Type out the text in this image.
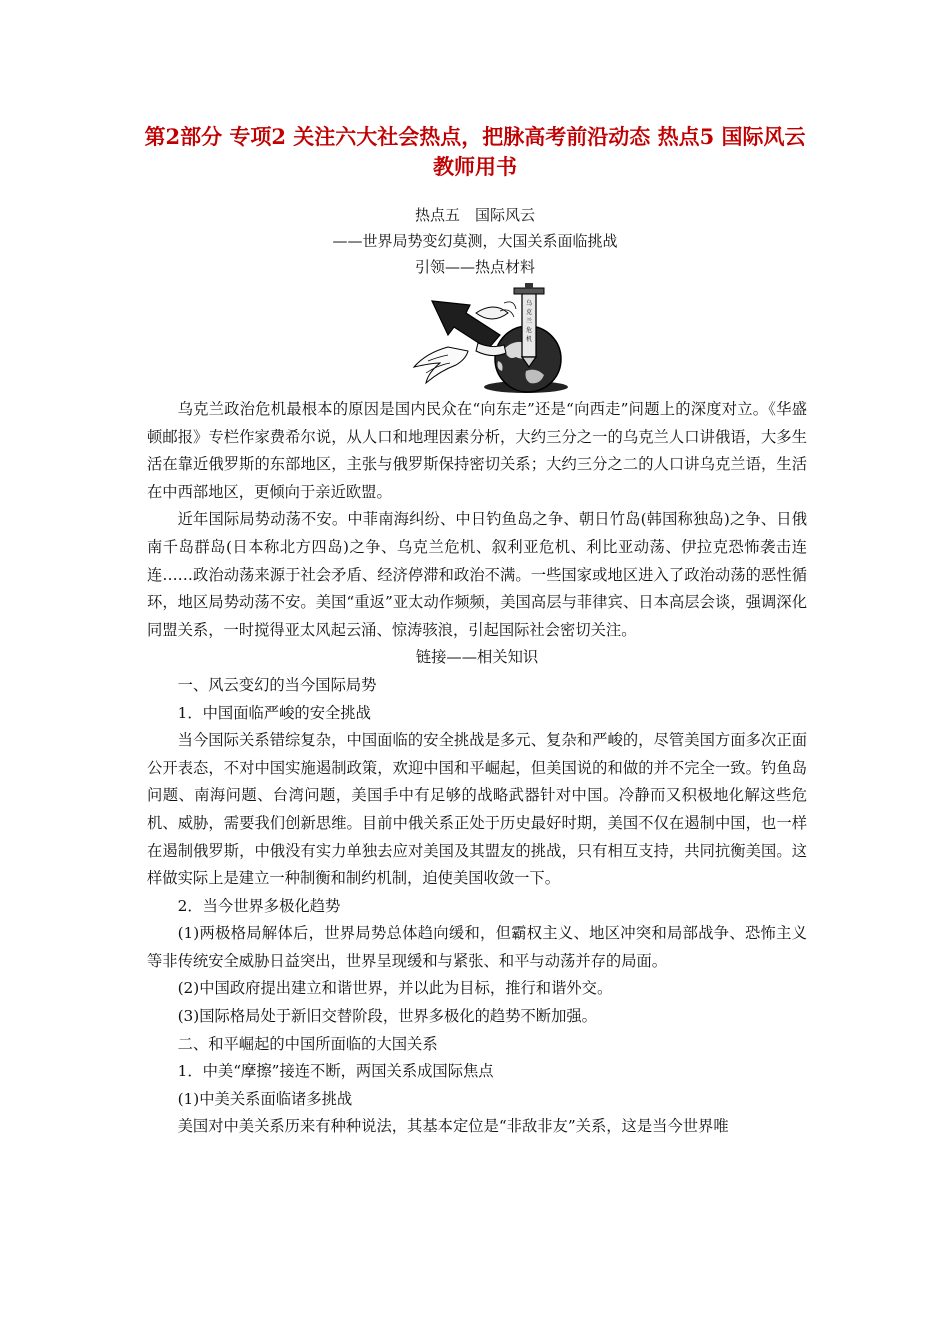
第2部分 专项2 关注六大社会热点，把脉高考前沿动态 热点5 国际风云教师用书

热点五　国际风云

——世界局势变幻莫测，大国关系面临挑战

引领——热点材料

乌
克
兰
危
机

乌克兰政治危机最根本的原因是国内民众在“向东走”还是“向西走”问题上的深度对立。《华盛顿邮报》专栏作家费希尔说，从人口和地理因素分析，大约三分之一的乌克兰人口讲俄语，大多生活在靠近俄罗斯的东部地区，主张与俄罗斯保持密切关系；大约三分之二的人口讲乌克兰语，生活在中西部地区，更倾向于亲近欧盟。

近年国际局势动荡不安。中菲南海纠纷、中日钓鱼岛之争、朝日竹岛(韩国称独岛)之争、日俄南千岛群岛(日本称北方四岛)之争、乌克兰危机、叙利亚危机、利比亚动荡、伊拉克恐怖袭击连连……政治动荡来源于社会矛盾、经济停滞和政治不满。一些国家或地区进入了政治动荡的恶性循环，地区局势动荡不安。美国“重返”亚太动作频频，美国高层与菲律宾、日本高层会谈，强调深化同盟关系，一时搅得亚太风起云涌、惊涛骇浪，引起国际社会密切关注。

链接——相关知识

一、风云变幻的当今国际局势

1．中国面临严峻的安全挑战

当今国际关系错综复杂，中国面临的安全挑战是多元、复杂和严峻的，尽管美国方面多次正面公开表态，不对中国实施遏制政策，欢迎中国和平崛起，但美国说的和做的并不完全一致。钓鱼岛问题、南海问题、台湾问题，美国手中有足够的战略武器针对中国。冷静而又积极地化解这些危机、威胁，需要我们创新思维。目前中俄关系正处于历史最好时期，美国不仅在遏制中国，也一样在遏制俄罗斯，中俄没有实力单独去应对美国及其盟友的挑战，只有相互支持，共同抗衡美国。这样做实际上是建立一种制衡和制约机制，迫使美国收敛一下。

2．当今世界多极化趋势

(1)两极格局解体后，世界局势总体趋向缓和，但霸权主义、地区冲突和局部战争、恐怖主义等非传统安全威胁日益突出，世界呈现缓和与紧张、和平与动荡并存的局面。

(2)中国政府提出建立和谐世界，并以此为目标，推行和谐外交。

(3)国际格局处于新旧交替阶段，世界多极化的趋势不断加强。

二、和平崛起的中国所面临的大国关系

1．中美“摩擦”接连不断，两国关系成国际焦点

(1)中美关系面临诸多挑战

美国对中美关系历来有种种说法，其基本定位是“非敌非友”关系，这是当今世界唯
